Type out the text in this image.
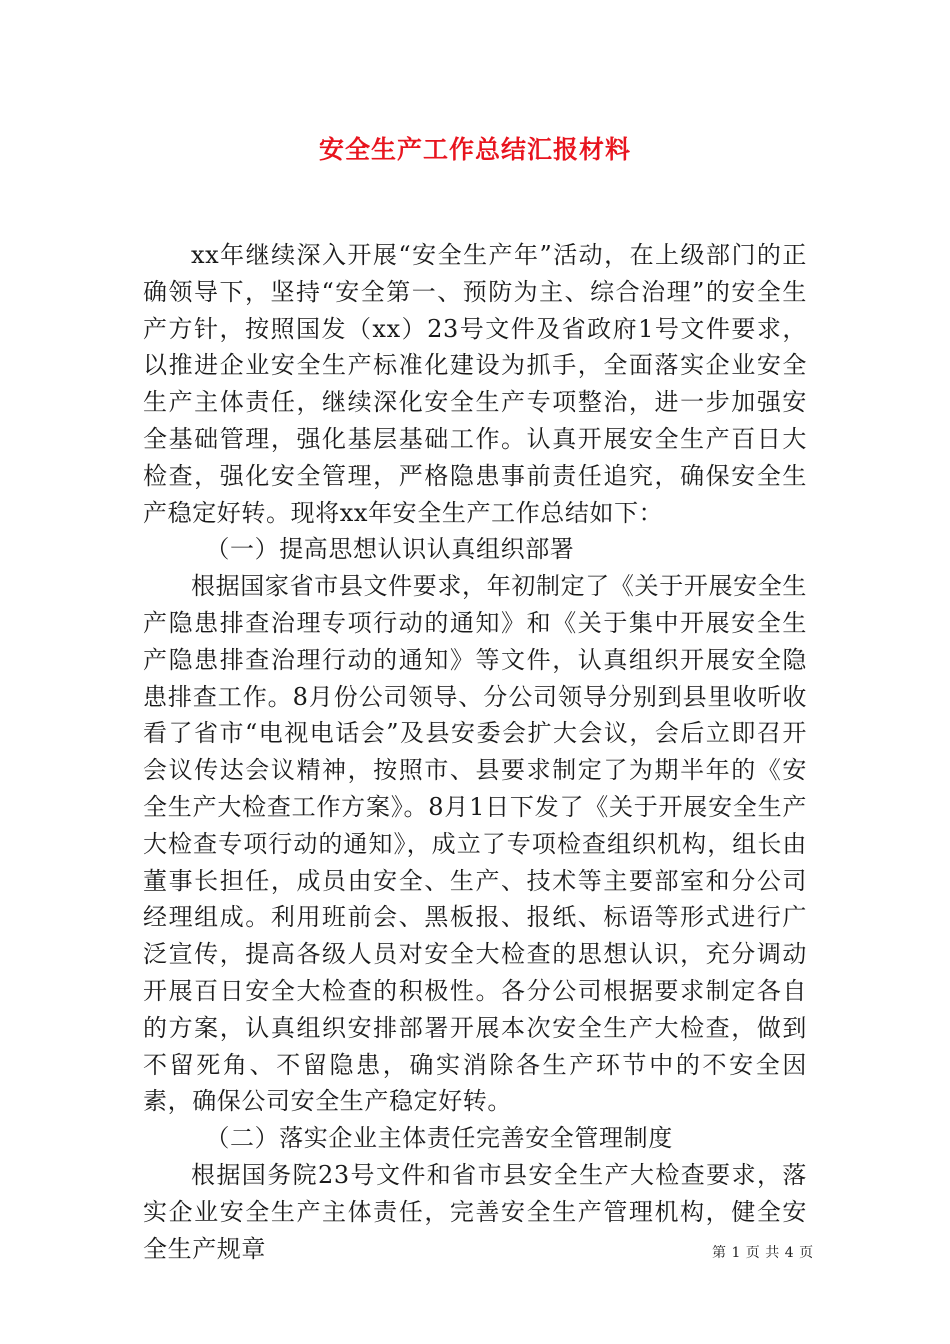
安全生产工作总结汇报材料

xx年继续深入开展“安全生产年”活动，在上级部门的正确领导下，坚持“安全第一、预防为主、综合治理”的安全生产方针，按照国发（xx）23号文件及省政府1号文件要求，以推进企业安全生产标准化建设为抓手，全面落实企业安全生产主体责任，继续深化安全生产专项整治，进一步加强安全基础管理，强化基层基础工作。认真开展安全生产百日大检查，强化安全管理，严格隐患事前责任追究，确保安全生产稳定好转。现将xx年安全生产工作总结如下：

（一）提高思想认识认真组织部署

根据国家省市县文件要求，年初制定了《关于开展安全生产隐患排查治理专项行动的通知》和《关于集中开展安全生产隐患排查治理行动的通知》等文件，认真组织开展安全隐患排查工作。8月份公司领导、分公司领导分别到县里收听收看了省市“电视电话会”及县安委会扩大会议，会后立即召开会议传达会议精神，按照市、县要求制定了为期半年的《安全生产大检查工作方案》。8月1日下发了《关于开展安全生产大检查专项行动的通知》，成立了专项检查组织机构，组长由董事长担任，成员由安全、生产、技术等主要部室和分公司经理组成。利用班前会、黑板报、报纸、标语等形式进行广泛宣传，提高各级人员对安全大检查的思想认识，充分调动开展百日安全大检查的积极性。各分公司根据要求制定各自的方案，认真组织安排部署开展本次安全生产大检查，做到不留死角、不留隐患，确实消除各生产环节中的不安全因素，确保公司安全生产稳定好转。

（二）落实企业主体责任完善安全管理制度

根据国务院23号文件和省市县安全生产大检查要求，落实企业安全生产主体责任，完善安全生产管理机构，健全安全生产规章	第 1 页 共 4 页
